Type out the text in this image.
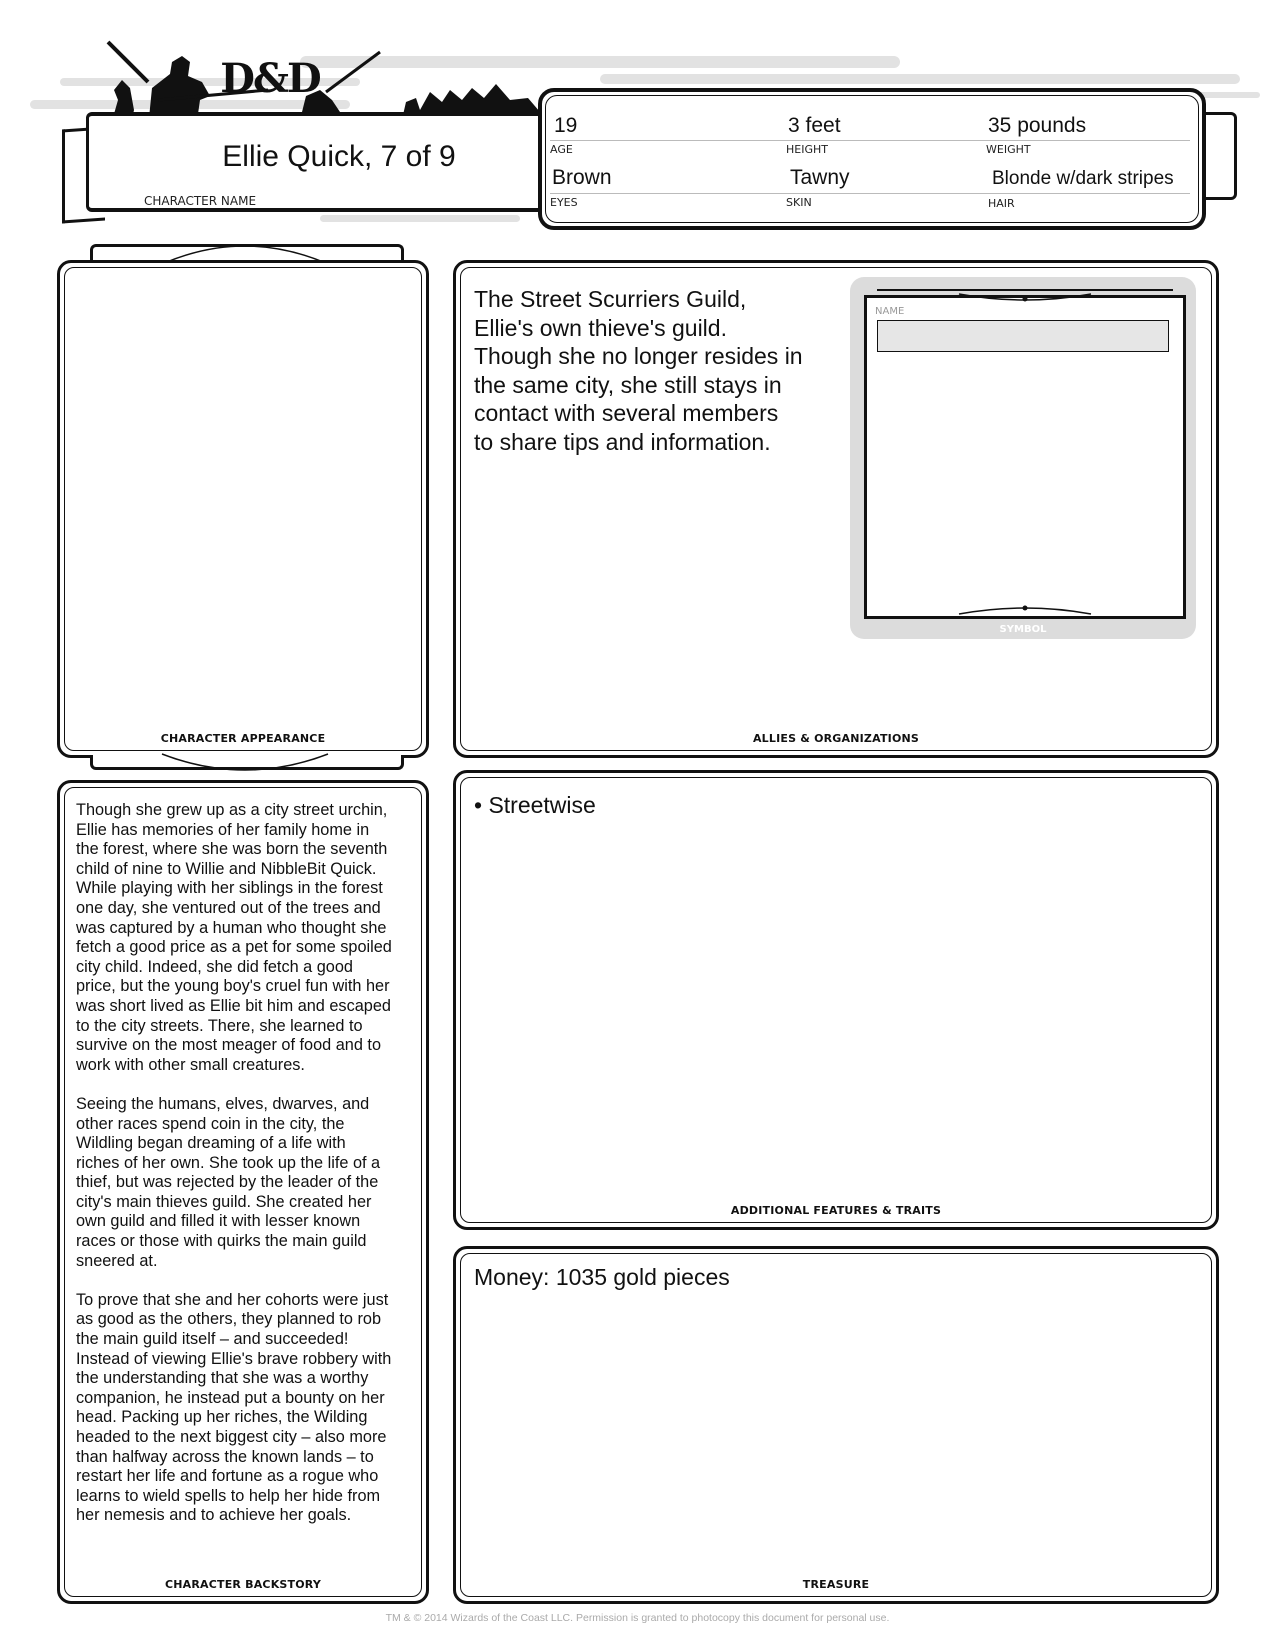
D&D
Ellie Quick, 7 of 9
CHARACTER NAME
19	3 feet	35 pounds
AGE	HEIGHT	WEIGHT
Brown	Tawny	Blonde w/dark stripes
EYES	SKIN	HAIR
CHARACTER APPEARANCE
The Street Scurriers Guild,
Ellie's own thieve's guild.
Though she no longer resides in
the same city, she still stays in
contact with several members
to share tips and information.
NAME
SYMBOL
ALLIES & ORGANIZATIONS
Though she grew up as a city street urchin,
Ellie has memories of her family home in
the forest, where she was born the seventh
child of nine to Willie and NibbleBit Quick.
While playing with her siblings in the forest
one day, she ventured out of the trees and
was captured by a human who thought she
fetch a good price as a pet for some spoiled
city child. Indeed, she did fetch a good
price, but the young boy's cruel fun with her
was short lived as Ellie bit him and escaped
to the city streets. There, she learned to
survive on the most meager of food and to
work with other small creatures.

Seeing the humans, elves, dwarves, and
other races spend coin in the city, the
Wildling began dreaming of a life with
riches of her own. She took up the life of a
thief, but was rejected by the leader of the
city's main thieves guild. She created her
own guild and filled it with lesser known
races or those with quirks the main guild
sneered at.

To prove that she and her cohorts were just
as good as the others, they planned to rob
the main guild itself – and succeeded!
Instead of viewing Ellie's brave robbery with
the understanding that she was a worthy
companion, he instead put a bounty on her
head. Packing up her riches, the Wilding
headed to the next biggest city – also more
than halfway across the known lands – to
restart her life and fortune as a rogue who
learns to wield spells to help her hide from
her nemesis and to achieve her goals.
CHARACTER BACKSTORY
• Streetwise
ADDITIONAL FEATURES & TRAITS
Money: 1035 gold pieces
TREASURE
TM & © 2014 Wizards of the Coast LLC. Permission is granted to photocopy this document for personal use.
